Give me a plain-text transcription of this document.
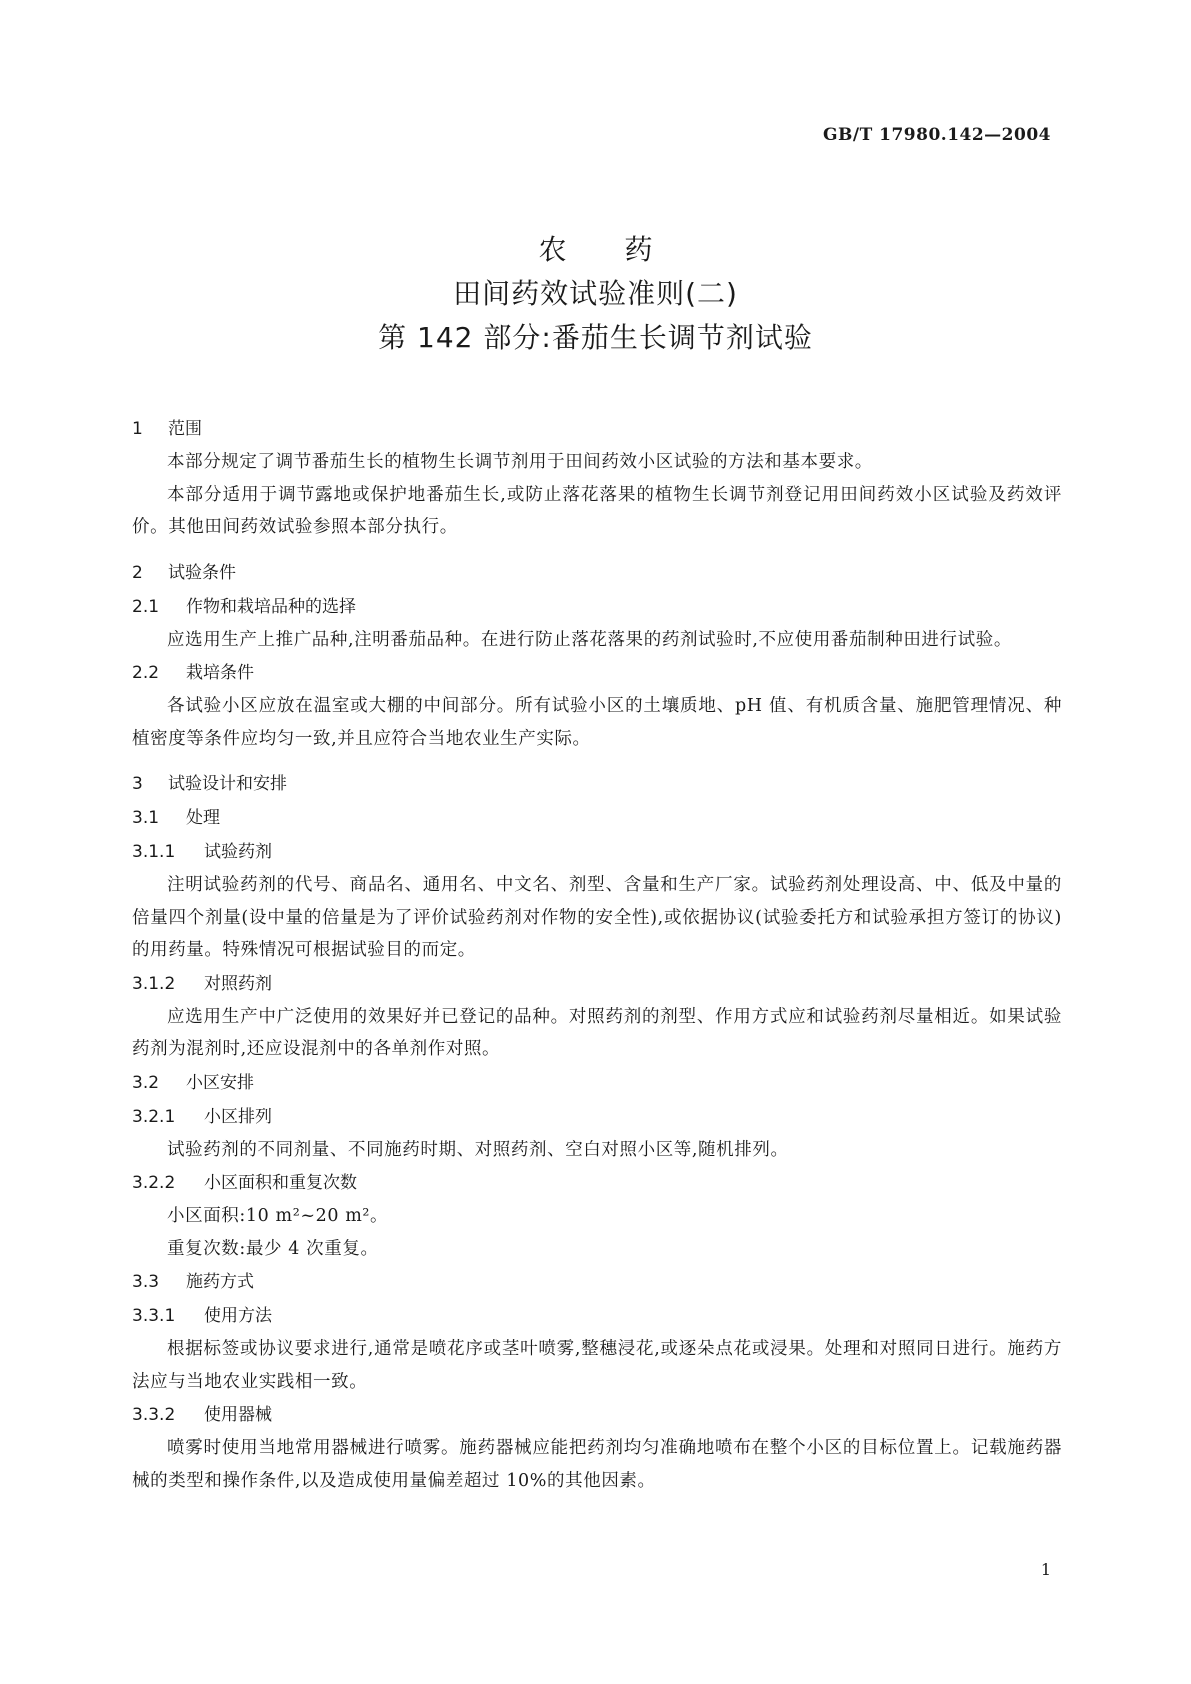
GB/T 17980.142—2004
农药
田间药效试验准则(二)
第 142 部分:番茄生长调节剂试验
1 范围

本部分规定了调节番茄生长的植物生长调节剂用于田间药效小区试验的方法和基本要求。

本部分适用于调节露地或保护地番茄生长,或防止落花落果的植物生长调节剂登记用田间药效小区试验及药效评价。其他田间药效试验参照本部分执行。

2 试验条件
2.1 作物和栽培品种的选择

应选用生产上推广品种,注明番茄品种。在进行防止落花落果的药剂试验时,不应使用番茄制种田进行试验。

2.2 栽培条件

各试验小区应放在温室或大棚的中间部分。所有试验小区的土壤质地、pH 值、有机质含量、施肥管理情况、种植密度等条件应均匀一致,并且应符合当地农业生产实际。

3 试验设计和安排
3.1 处理
3.1.1 试验药剂

注明试验药剂的代号、商品名、通用名、中文名、剂型、含量和生产厂家。试验药剂处理设高、中、低及中量的倍量四个剂量(设中量的倍量是为了评价试验药剂对作物的安全性),或依据协议(试验委托方和试验承担方签订的协议)的用药量。特殊情况可根据试验目的而定。

3.1.2 对照药剂

应选用生产中广泛使用的效果好并已登记的品种。对照药剂的剂型、作用方式应和试验药剂尽量相近。如果试验药剂为混剂时,还应设混剂中的各单剂作对照。

3.2 小区安排
3.2.1 小区排列

试验药剂的不同剂量、不同施药时期、对照药剂、空白对照小区等,随机排列。

3.2.2 小区面积和重复次数

小区面积:10 m²~20 m²。

重复次数:最少 4 次重复。

3.3 施药方式
3.3.1 使用方法

根据标签或协议要求进行,通常是喷花序或茎叶喷雾,整穗浸花,或逐朵点花或浸果。处理和对照同日进行。施药方法应与当地农业实践相一致。

3.3.2 使用器械

喷雾时使用当地常用器械进行喷雾。施药器械应能把药剂均匀准确地喷布在整个小区的目标位置上。记载施药器械的类型和操作条件,以及造成使用量偏差超过 10%的其他因素。

1
